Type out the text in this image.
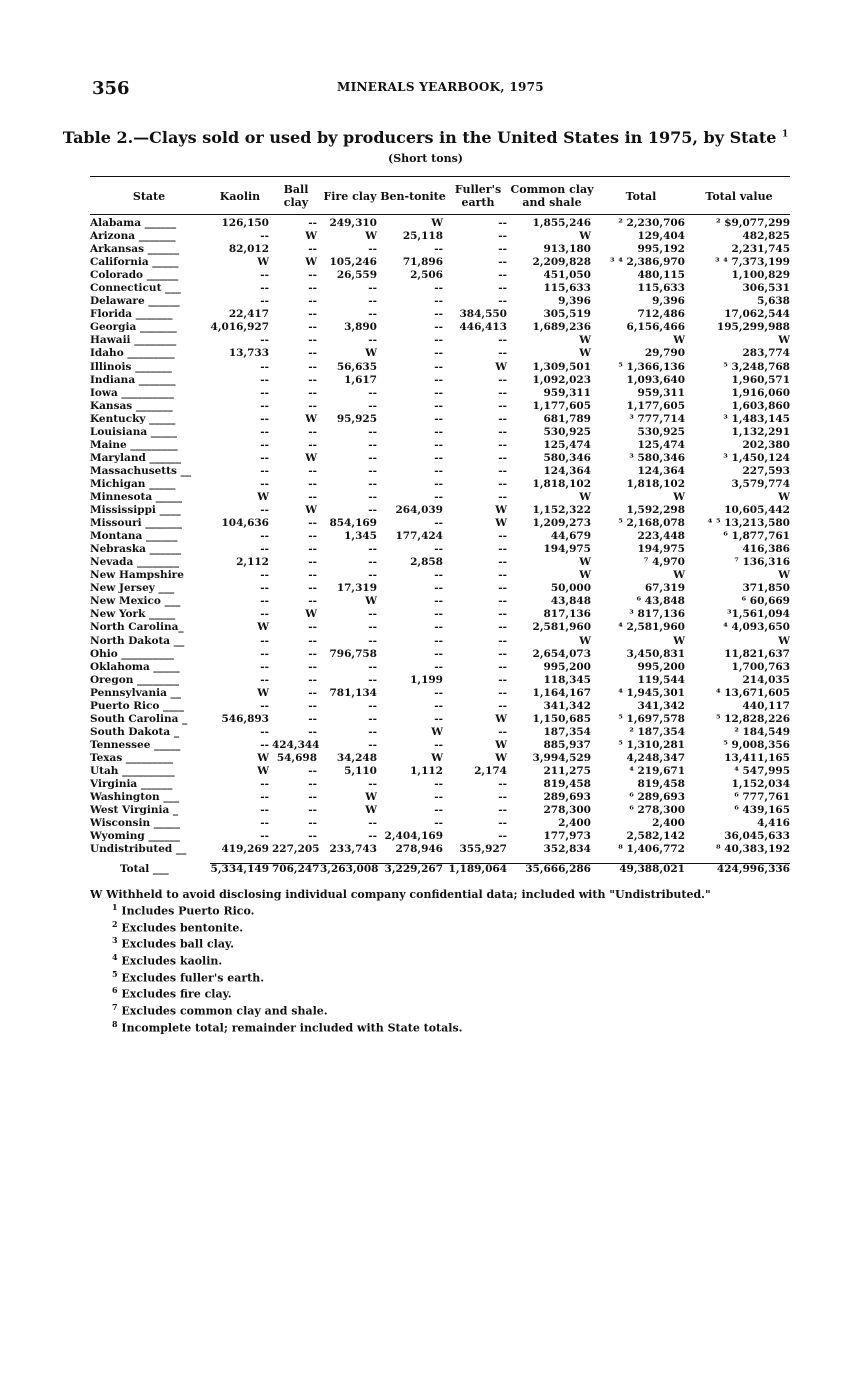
356	MINERALS YEARBOOK, 1975
Table 2.—Clays sold or used by producers in the United States in 1975, by State $^1$
(Short tons)
State	Kaolin	Ball clay	Fire clay	Ben-tonite	Fuller's earth	Common clay and shale	Total	Total value
Alabama ______	126,150	--	249,310	W	--	1,855,246	² 2,230,706	² $9,077,299
Arizona _______	--	W	W	25,118	--	W	129,404	482,825
Arkansas ______	82,012	--	--	--	--	913,180	995,192	2,231,745
California _____	W	W	105,246	71,896	--	2,209,828	³ ⁴ 2,386,970	³ ⁴ 7,373,199
Colorado ______	--	--	26,559	2,506	--	451,050	480,115	1,100,829
Connecticut ___	--	--	--	--	--	115,633	115,633	306,531
Delaware ______	--	--	--	--	--	9,396	9,396	5,638
Florida _______	22,417	--	--	--	384,550	305,519	712,486	17,062,544
Georgia _______	4,016,927	--	3,890	--	446,413	1,689,236	6,156,466	195,299,988
Hawaii ________	--	--	--	--	--	W	W	W
Idaho _________	13,733	--	W	--	--	W	29,790	283,774
Illinois _______	--	--	56,635	--	W	1,309,501	⁵ 1,366,136	⁵ 3,248,768
Indiana _______	--	--	1,617	--	--	1,092,023	1,093,640	1,960,571
Iowa __________	--	--	--	--	--	959,311	959,311	1,916,060
Kansas _______	--	--	--	--	--	1,177,605	1,177,605	1,603,860
Kentucky _____	--	W	95,925	--	--	681,789	³ 777,714	³ 1,483,145
Louisiana _____	--	--	--	--	--	530,925	530,925	1,132,291
Maine _________	--	--	--	--	--	125,474	125,474	202,380
Maryland ______	--	W	--	--	--	580,346	³ 580,346	³ 1,450,124
Massachusetts __	--	--	--	--	--	124,364	124,364	227,593
Michigan _____	--	--	--	--	--	1,818,102	1,818,102	3,579,774
Minnesota _____	W	--	--	--	--	W	W	W
Mississippi ____	--	W	--	264,039	W	1,152,322	1,592,298	10,605,442
Missouri _______	104,636	--	854,169	--	W	1,209,273	⁵ 2,168,078	⁴ ⁵ 13,213,580
Montana ______	--	--	1,345	177,424	--	44,679	223,448	⁶ 1,877,761
Nebraska ______	--	--	--	--	--	194,975	194,975	416,386
Nevada ________	2,112	--	--	2,858	--	W	⁷ 4,970	⁷ 136,316
New Hampshire	--	--	--	--	--	W	W	W
New Jersey ___	--	--	17,319	--	--	50,000	67,319	371,850
New Mexico ___	--	--	W	--	--	43,848	⁶ 43,848	⁶ 60,669
New York _____	--	W	--	--	--	817,136	³ 817,136	³1,561,094
North Carolina_	W	--	--	--	--	2,581,960	⁴ 2,581,960	⁴ 4,093,650
North Dakota __	--	--	--	--	--	W	W	W
Ohio __________	--	--	796,758	--	--	2,654,073	3,450,831	11,821,637
Oklahoma _____	--	--	--	--	--	995,200	995,200	1,700,763
Oregon ________	--	--	--	1,199	--	118,345	119,544	214,035
Pennsylvania __	W	--	781,134	--	--	1,164,167	⁴ 1,945,301	⁴ 13,671,605
Puerto Rico ____	--	--	--	--	--	341,342	341,342	440,117
South Carolina _	546,893	--	--	--	W	1,150,685	⁵ 1,697,578	⁵ 12,828,226
South Dakota _	--	--	--	W	--	187,354	² 187,354	² 184,549
Tennessee _____	--	424,344	--	--	W	885,937	⁵ 1,310,281	⁵ 9,008,356
Texas _________	W	54,698	34,248	W	W	3,994,529	4,248,347	13,411,165
Utah __________	W	--	5,110	1,112	2,174	211,275	⁴ 219,671	⁴ 547,995
Virginia ______	--	--	--	--	--	819,458	819,458	1,152,034
Washington ___	--	--	W	--	--	289,693	⁶ 289,693	⁶ 777,761
West Virginia _	--	--	W	--	--	278,300	⁶ 278,300	⁶ 439,165
Wisconsin _____	--	--	--	--	--	2,400	2,400	4,416
Wyoming ______	--	--	--	2,404,169	--	177,973	2,582,142	36,045,633
Undistributed __	419,269	227,205	233,743	278,946	355,927	352,834	⁸ 1,406,772	⁸ 40,383,192
Total ___	5,334,149	706,247	3,263,008	3,229,267	1,189,064	35,666,286	49,388,021	424,996,336
W Withheld to avoid disclosing individual company confidential data; included with "Undistributed."
$^1$ Includes Puerto Rico.
$^2$ Excludes bentonite.
$^3$ Excludes ball clay.
$^4$ Excludes kaolin.
$^5$ Excludes fuller's earth.
$^6$ Excludes fire clay.
$^7$ Excludes common clay and shale.
$^8$ Incomplete total; remainder included with State totals.
